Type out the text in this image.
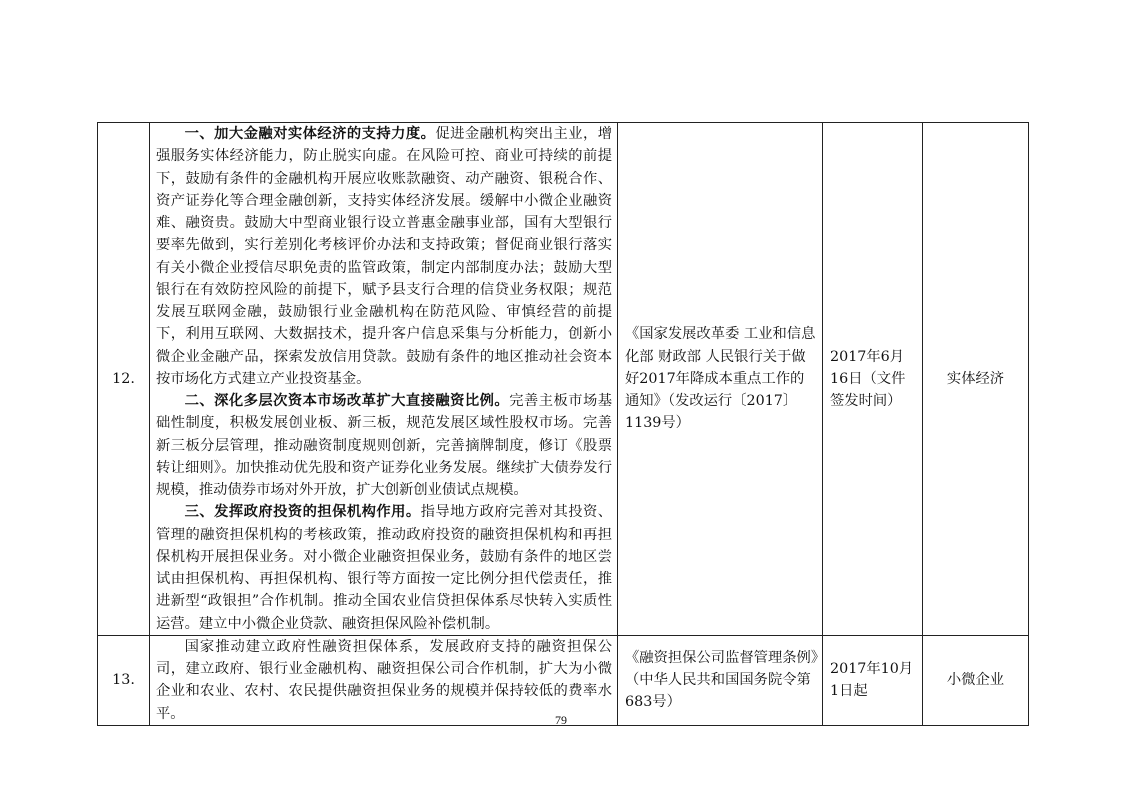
12.	一、加大金融对实体经济的支持力度。促进金融机构突出主业，增强服务实体经济能力，防止脱实向虚。在风险可控、商业可持续的前提下，鼓励有条件的金融机构开展应收账款融资、动产融资、银税合作、资产证券化等合理金融创新，支持实体经济发展。缓解中小微企业融资难、融资贵。鼓励大中型商业银行设立普惠金融事业部，国有大型银行要率先做到，实行差别化考核评价办法和支持政策；督促商业银行落实有关小微企业授信尽职免责的监管政策，制定内部制度办法；鼓励大型银行在有效防控风险的前提下，赋予县支行合理的信贷业务权限；规范发展互联网金融，鼓励银行业金融机构在防范风险、审慎经营的前提下，利用互联网、大数据技术，提升客户信息采集与分析能力，创新小微企业金融产品，探索发放信用贷款。鼓励有条件的地区推动社会资本按市场化方式建立产业投资基金。

二、深化多层次资本市场改革扩大直接融资比例。完善主板市场基础性制度，积极发展创业板、新三板，规范发展区域性股权市场。完善新三板分层管理，推动融资制度规则创新，完善摘牌制度，修订《股票转让细则》。加快推动优先股和资产证券化业务发展。继续扩大债券发行规模，推动债券市场对外开放，扩大创新创业债试点规模。

三、发挥政府投资的担保机构作用。指导地方政府完善对其投资、管理的融资担保机构的考核政策，推动政府投资的融资担保机构和再担保机构开展担保业务。对小微企业融资担保业务，鼓励有条件的地区尝试由担保机构、再担保机构、银行等方面按一定比例分担代偿责任，推进新型“政银担”合作机制。推动全国农业信贷担保体系尽快转入实质性运营。建立中小微企业贷款、融资担保风险补偿机制。	《国家发展改革委 工业和信息化部 财政部 人民银行关于做好2017年降成本重点工作的通知》（发改运行〔2017〕1139号）	2017年6月16日（文件签发时间）	实体经济
13.	国家推动建立政府性融资担保体系，发展政府支持的融资担保公司，建立政府、银行业金融机构、融资担保公司合作机制，扩大为小微企业和农业、农村、农民提供融资担保业务的规模并保持较低的费率水平。	《融资担保公司监督管理条例》（中华人民共和国国务院令第683号）	2017年10月1日起	小微企业
79
